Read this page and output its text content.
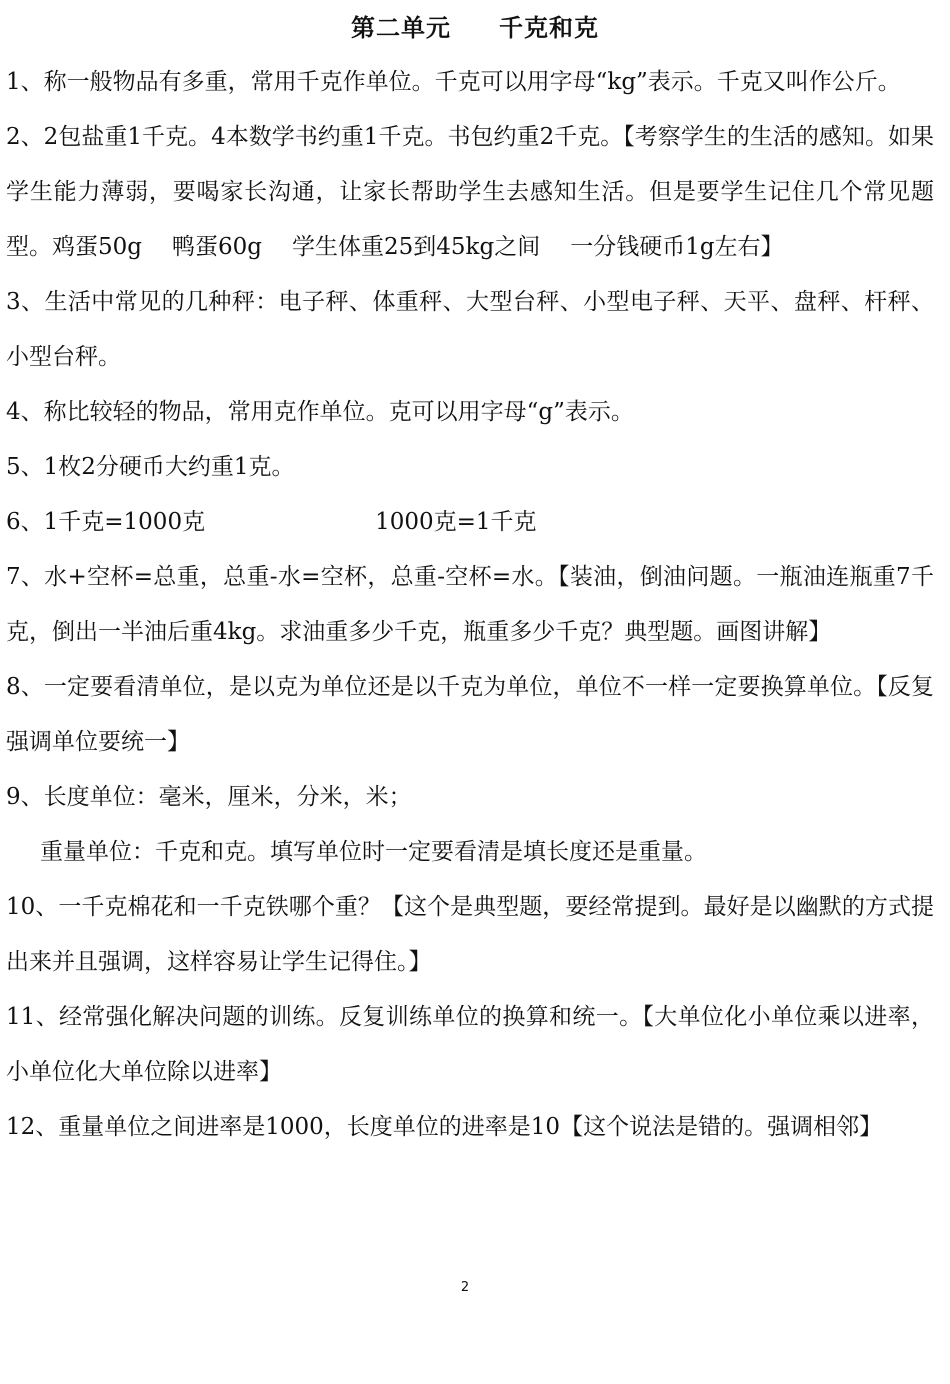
第二单元 千克和克

1、称一般物品有多重，常用千克作单位。千克可以用字母“kg”表示。千克又叫作公斤。

2、2包盐重1千克。4本数学书约重1千克。书包约重2千克。【考察学生的生活的感知。如果学生能力薄弱，要喝家长沟通，让家长帮助学生去感知生活。但是要学生记住几个常见题型。鸡蛋50g 鸭蛋60g 学生体重25到45kg之间 一分钱硬币1g左右】

3、生活中常见的几种秤：电子秤、体重秤、大型台秤、小型电子秤、天平、盘秤、杆秤、小型台秤。

4、称比较轻的物品，常用克作单位。克可以用字母“g”表示。

5、1枚2分硬币大约重1克。

6、1千克=1000克	1000克=1千克

7、水+空杯=总重，总重-水=空杯，总重-空杯=水。【装油，倒油问题。一瓶油连瓶重7千克，倒出一半油后重4kg。求油重多少千克，瓶重多少千克？典型题。画图讲解】

8、一定要看清单位，是以克为单位还是以千克为单位，单位不一样一定要换算单位。【反复强调单位要统一】

9、长度单位：毫米，厘米，分米，米；

重量单位：千克和克。填写单位时一定要看清是填长度还是重量。

10、一千克棉花和一千克铁哪个重？【这个是典型题，要经常提到。最好是以幽默的方式提出来并且强调，这样容易让学生记得住。】

11、经常强化解决问题的训练。反复训练单位的换算和统一。【大单位化小单位乘以进率，小单位化大单位除以进率】

12、重量单位之间进率是1000，长度单位的进率是10【这个说法是错的。强调相邻】

2
